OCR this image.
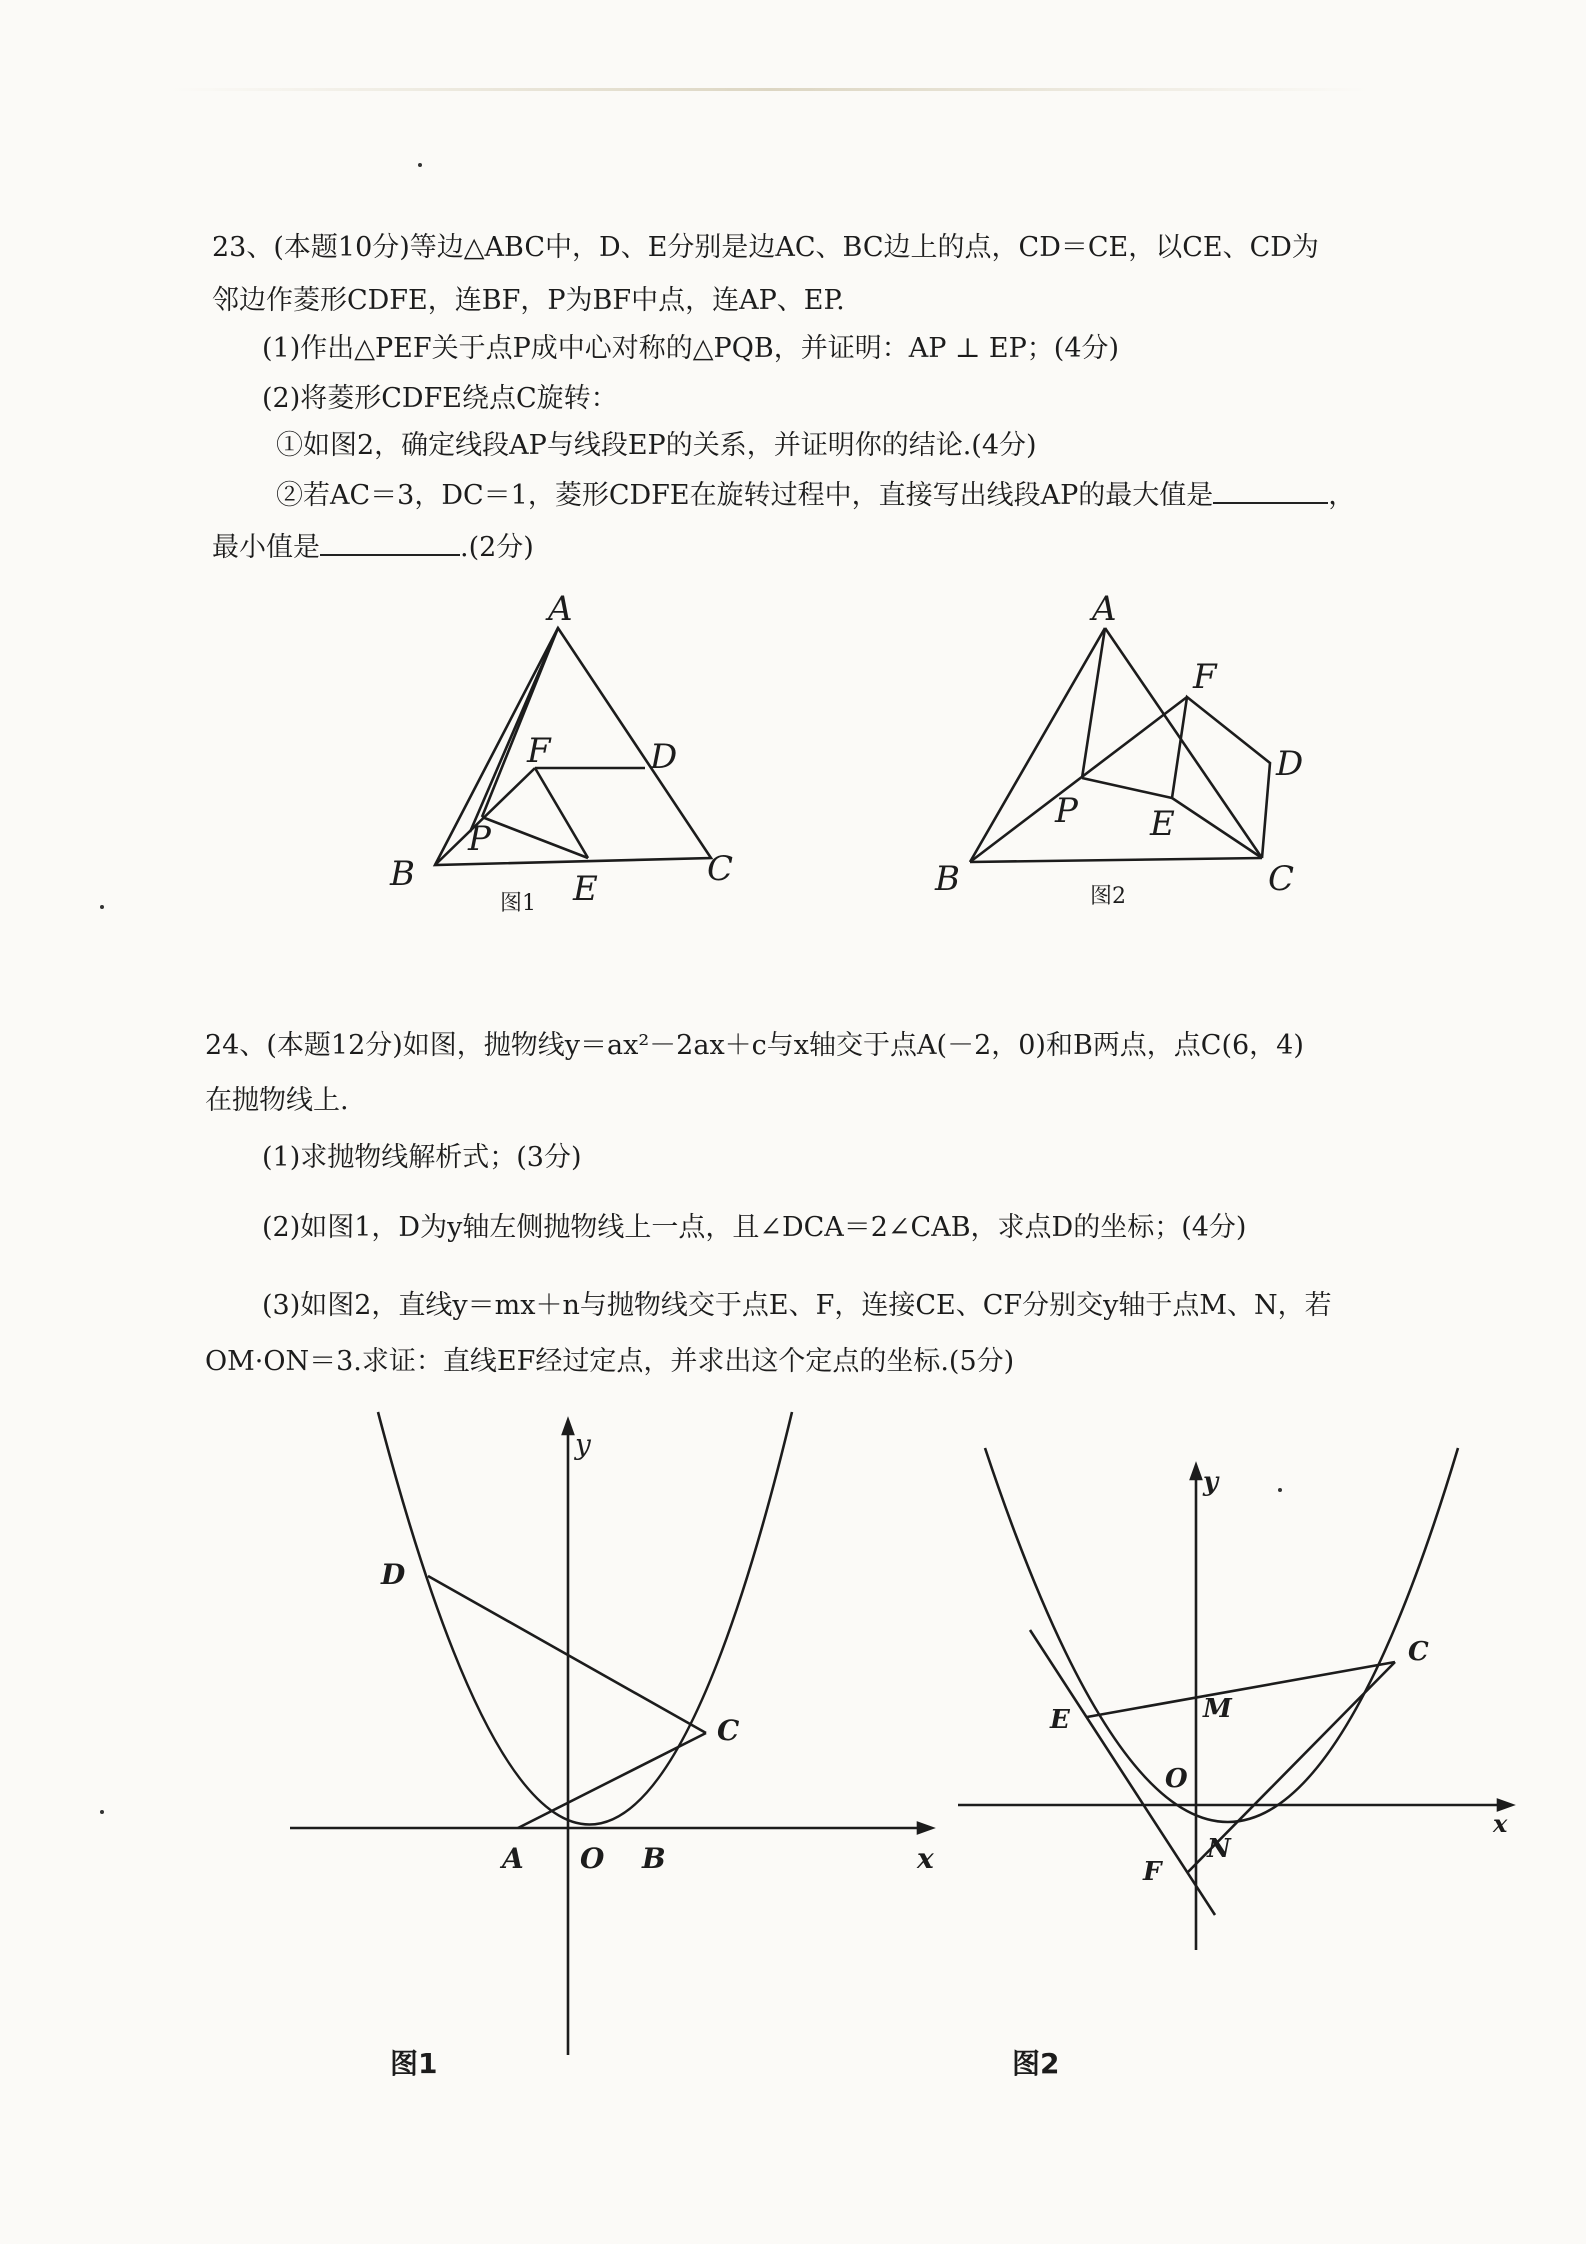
23、(本题10分)等边△ABC中，D、E分别是边AC、BC边上的点，CD＝CE，以CE、CD为
邻边作菱形CDFE，连BF，P为BF中点，连AP、EP.
(1)作出△PEF关于点P成中心对称的△PQB，并证明：AP ⊥ EP；(4分)
(2)将菱形CDFE绕点C旋转：
①如图2，确定线段AP与线段EP的关系，并证明你的结论.(4分)
②若AC＝3，DC＝1，菱形CDFE在旋转过程中，直接写出线段AP的最大值是	，
最小值是	.(2分)
A
B	C
D
E
F
P
图1
A
B	C
D
E
F
P
图2
24、(本题12分)如图，抛物线y＝ax²－2ax＋c与x轴交于点A(－2，0)和B两点，点C(6，4)
在抛物线上.
(1)求抛物线解析式；(3分)
(2)如图1，D为y轴左侧抛物线上一点，且∠DCA＝2∠CAB，求点D的坐标；(4分)
(3)如图2，直线y＝mx＋n与抛物线交于点E、F，连接CE、CF分别交y轴于点M、N，若
OM·ON＝3.求证：直线EF经过定点，并求出这个定点的坐标.(5分)
y
x
O
A	B
C
D
图1
y
x
O
C
E
F
M
N
图2
